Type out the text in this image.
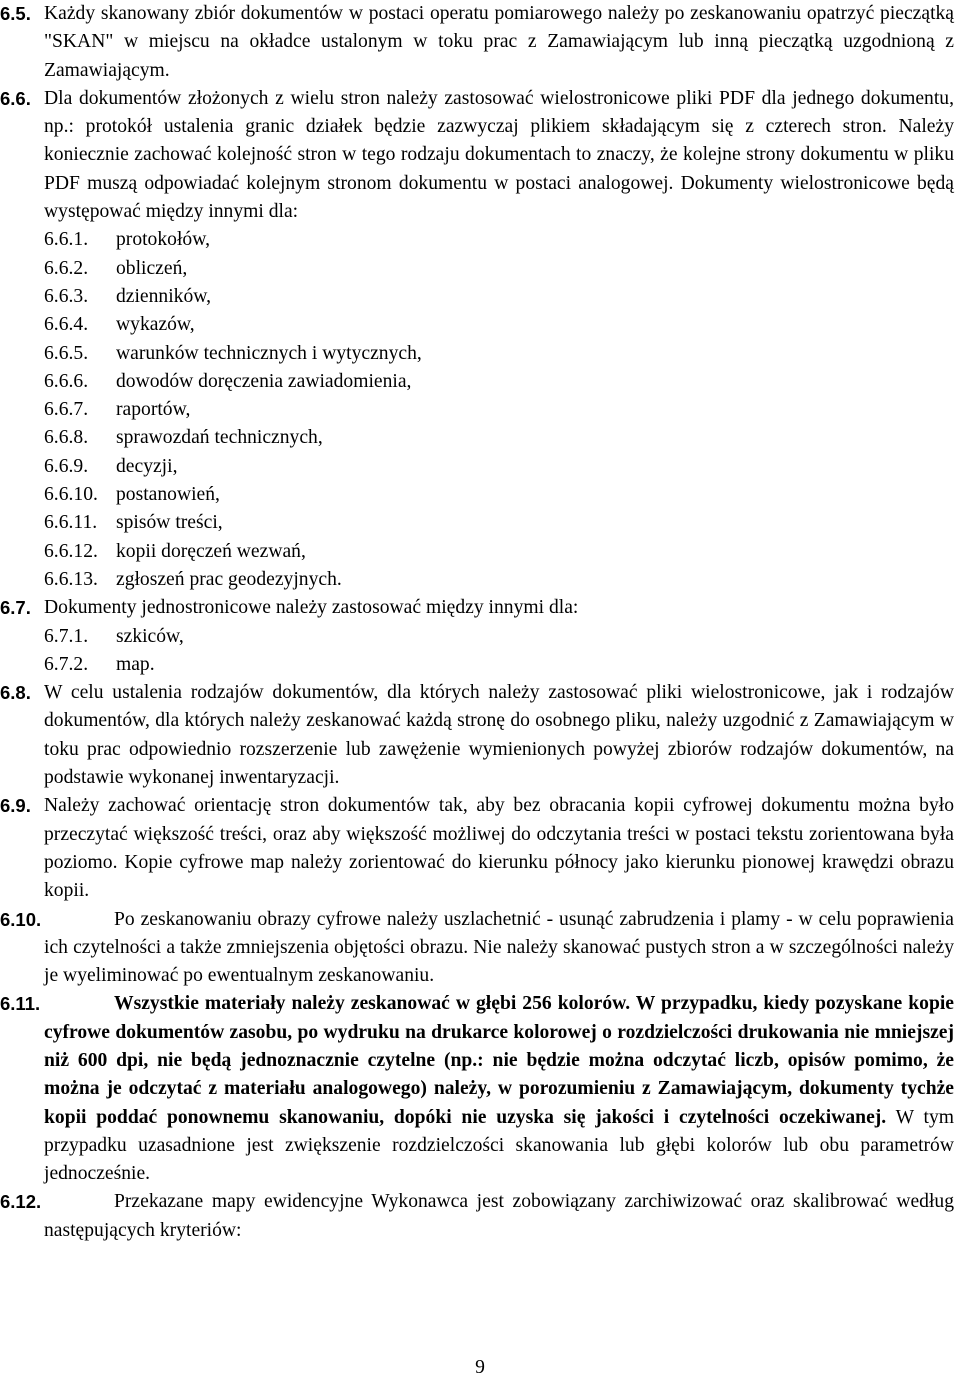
6.5. Każdy skanowany zbiór dokumentów w postaci operatu pomiarowego należy po zeskanowaniu opatrzyć pieczątką "SKAN" w miejscu na okładce ustalonym w toku prac z Zamawiającym lub inną pieczątką uzgodnioną z Zamawiającym.
6.6. Dla dokumentów złożonych z wielu stron należy zastosować wielostronicowe pliki PDF dla jednego dokumentu, np.: protokół ustalenia granic działek będzie zazwyczaj plikiem składającym się z czterech stron. Należy koniecznie zachować kolejność stron w tego rodzaju dokumentach to znaczy, że kolejne strony dokumentu w pliku PDF muszą odpowiadać kolejnym stronom dokumentu w postaci analogowej. Dokumenty wielostronicowe będą występować między innymi dla:
6.6.1. protokołów,
6.6.2. obliczeń,
6.6.3. dzienników,
6.6.4. wykazów,
6.6.5. warunków technicznych i wytycznych,
6.6.6. dowodów doręczenia zawiadomienia,
6.6.7. raportów,
6.6.8. sprawozdań technicznych,
6.6.9. decyzji,
6.6.10. postanowień,
6.6.11. spisów treści,
6.6.12. kopii doręczeń wezwań,
6.6.13. zgłoszeń prac geodezyjnych.
6.7. Dokumenty jednostronicowe należy zastosować między innymi dla:
6.7.1. szkiców,
6.7.2. map.
6.8. W celu ustalenia rodzajów dokumentów, dla których należy zastosować pliki wielostronicowe, jak i rodzajów dokumentów, dla których należy zeskanować każdą stronę do osobnego pliku, należy uzgodnić z Zamawiającym w toku prac odpowiednio rozszerzenie lub zawężenie wymienionych powyżej zbiorów rodzajów dokumentów, na podstawie wykonanej inwentaryzacji.
6.9. Należy zachować orientację stron dokumentów tak, aby bez obracania kopii cyfrowej dokumentu można było przeczytać większość treści, oraz aby większość możliwej do odczytania treści w postaci tekstu zorientowana była poziomo. Kopie cyfrowe map należy zorientować do kierunku północy jako kierunku pionowej krawędzi obrazu kopii.
6.10.	Po zeskanowaniu obrazy cyfrowe należy uszlachetnić - usunąć zabrudzenia i plamy - w celu poprawienia ich czytelności a także zmniejszenia objętości obrazu. Nie należy skanować pustych stron a w szczególności należy je wyeliminować po ewentualnym zeskanowaniu.
6.11.	Wszystkie materiały należy zeskanować w głębi 256 kolorów. W przypadku, kiedy pozyskane kopie cyfrowe dokumentów zasobu, po wydruku na drukarce kolorowej o rozdzielczości drukowania nie mniejszej niż 600 dpi, nie będą jednoznacznie czytelne (np.: nie będzie można odczytać liczb, opisów pomimo, że można je odczytać z materiału analogowego) należy, w porozumieniu z Zamawiającym, dokumenty tychże kopii poddać ponownemu skanowaniu, dopóki nie uzyska się jakości i czytelności oczekiwanej. W tym przypadku uzasadnione jest zwiększenie rozdzielczości skanowania lub głębi kolorów lub obu parametrów jednocześnie.
6.12.	Przekazane mapy ewidencyjne Wykonawca jest zobowiązany zarchiwizować oraz skalibrować według następujących kryteriów:
9
